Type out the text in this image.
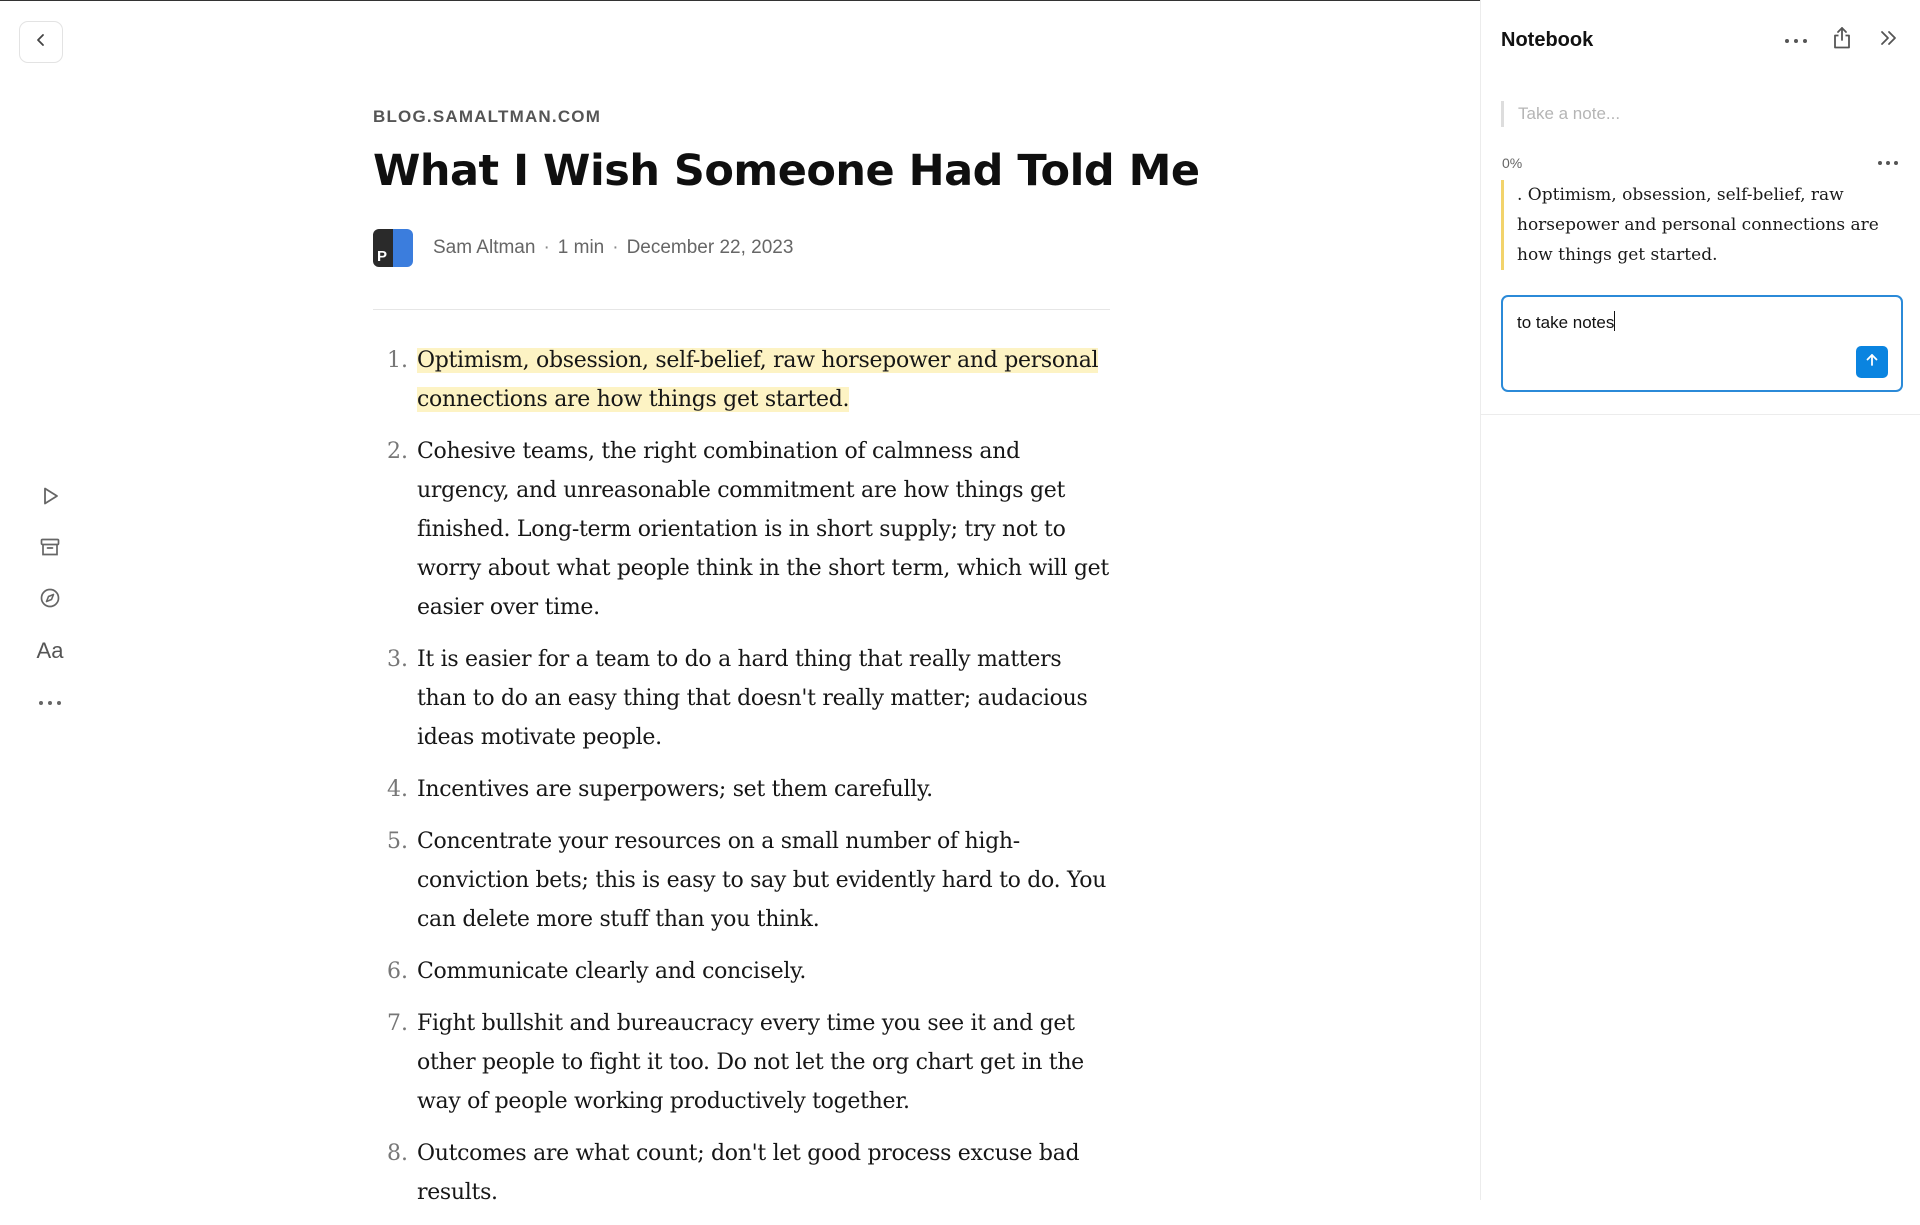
Aa
BLOG.SAMALTMAN.COM
What I Wish Someone Had Told Me
P Sam Altman · 1 min · December 22, 2023
1. Optimism, obsession, self-belief, raw horsepower and personal connections are how things get started.
2. Cohesive teams, the right combination of calmness and urgency, and unreasonable commitment are how things get finished. Long-term orientation is in short supply; try not to worry about what people think in the short term, which will get easier over time.
3. It is easier for a team to do a hard thing that really matters than to do an easy thing that doesn't really matter; audacious ideas motivate people.
4. Incentives are superpowers; set them carefully.
5. Concentrate your resources on a small number of high-conviction bets; this is easy to say but evidently hard to do. You can delete more stuff than you think.
6. Communicate clearly and concisely.
7. Fight bullshit and bureaucracy every time you see it and get other people to fight it too. Do not let the org chart get in the way of people working productively together.
8. Outcomes are what count; don't let good process excuse bad results.
Notebook
Take a note...
0%
. Optimism, obsession, self-belief, raw horsepower and personal connections are how things get started.
to take notes
